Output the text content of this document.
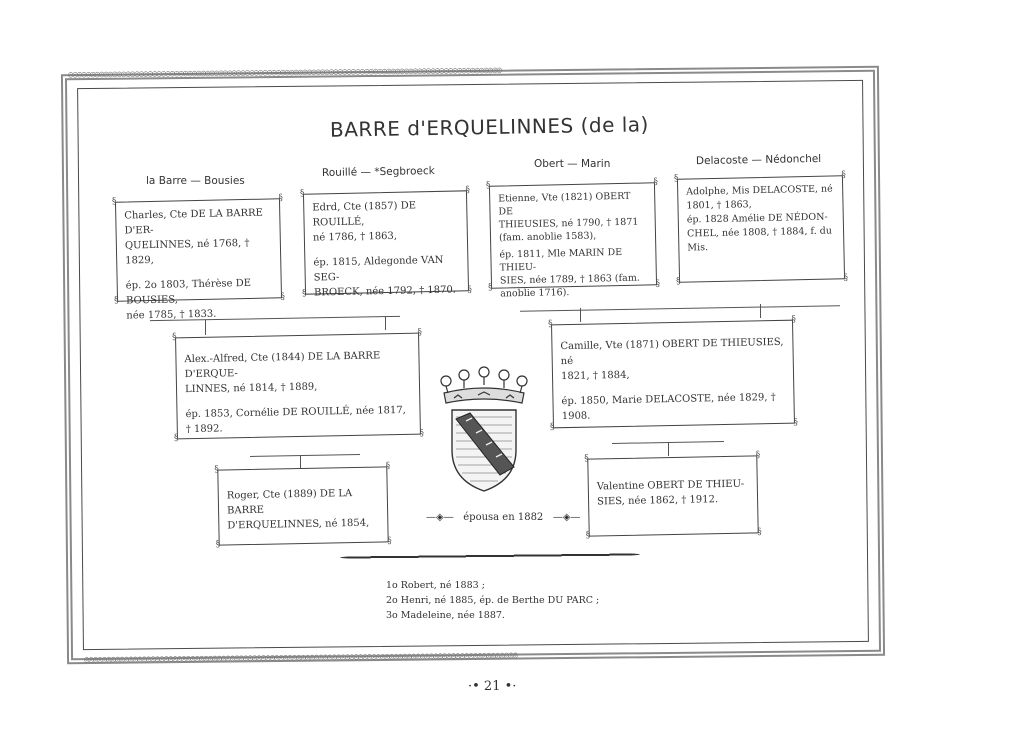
◎◎◎◎◎◎◎◎◎◎◎◎◎◎◎◎◎◎◎◎◎◎◎◎◎◎◎◎◎◎◎◎◎◎◎◎◎◎◎◎◎◎◎◎◎◎◎◎◎◎◎◎◎◎◎◎◎◎◎◎◎◎◎◎◎◎◎◎◎◎◎◎◎◎◎◎◎◎◎◎◎◎◎◎◎◎◎◎◎◎◎◎◎◎◎◎◎◎
◎◎◎◎◎◎◎◎◎◎◎◎◎◎◎◎◎◎◎◎◎◎◎◎◎◎◎◎◎◎◎◎◎◎◎◎◎◎◎◎◎◎◎◎◎◎◎◎◎◎◎◎◎◎◎◎◎◎◎◎◎◎◎◎◎◎◎◎◎◎◎◎◎◎◎◎◎◎◎◎◎◎◎◎◎◎◎◎◎◎◎◎◎◎◎◎◎◎
BARRE d'ERQUELINNES (de la)
la Barre — Bousies
Rouillé — *Segbroeck
Obert — Marin	Delacoste — Nédonchel
§	§
§	§

Charles, Cte DE LA BARRE D'ER-

QUELINNES, né 1768, † 1829,

ép. 2o 1803, Thérèse DE BOUSIES,

née 1785, † 1833.

§	§
§	§

Edrd, Cte (1857) DE ROUILLÉ,

né 1786, † 1863,

ép. 1815, Aldegonde VAN SEG-

BROECK, née 1792, † 1870.

§	§
§	§

Etienne, Vte (1821) OBERT DE

THIEUSIES, né 1790, † 1871

(fam. anoblie 1583),

ép. 1811, Mle MARIN DE THIEU-

SIES, née 1789, † 1863 (fam.

anoblie 1716).

§	§
§	§

Adolphe, Mis DELACOSTE, né

1801, † 1863,

ép. 1828 Amélie DE NÉDON-

CHEL, née 1808, † 1884, f. du

Mis.

§	§
§	§

Alex.-Alfred, Cte (1844) DE LA BARRE D'ERQUE-

LINNES, né 1814, † 1889,

ép. 1853, Cornélie DE ROUILLÉ, née 1817, † 1892.

§	§
§	§

Camille, Vte (1871) OBERT DE THIEUSIES, né

1821, † 1884,

ép. 1850, Marie DELACOSTE, née 1829, † 1908.

§	§
§	§

Roger, Cte (1889) DE LA BARRE

D'ERQUELINNES, né 1854,

§	§
§	§

Valentine OBERT DE THIEU-

SIES, née 1862, † 1912.

—◈— épousa en 1882 —◈—

1o Robert, né 1883 ;

2o Henri, né 1885, ép. de Berthe DU PARC ;

3o Madeleine, née 1887.

·• 21 •·
